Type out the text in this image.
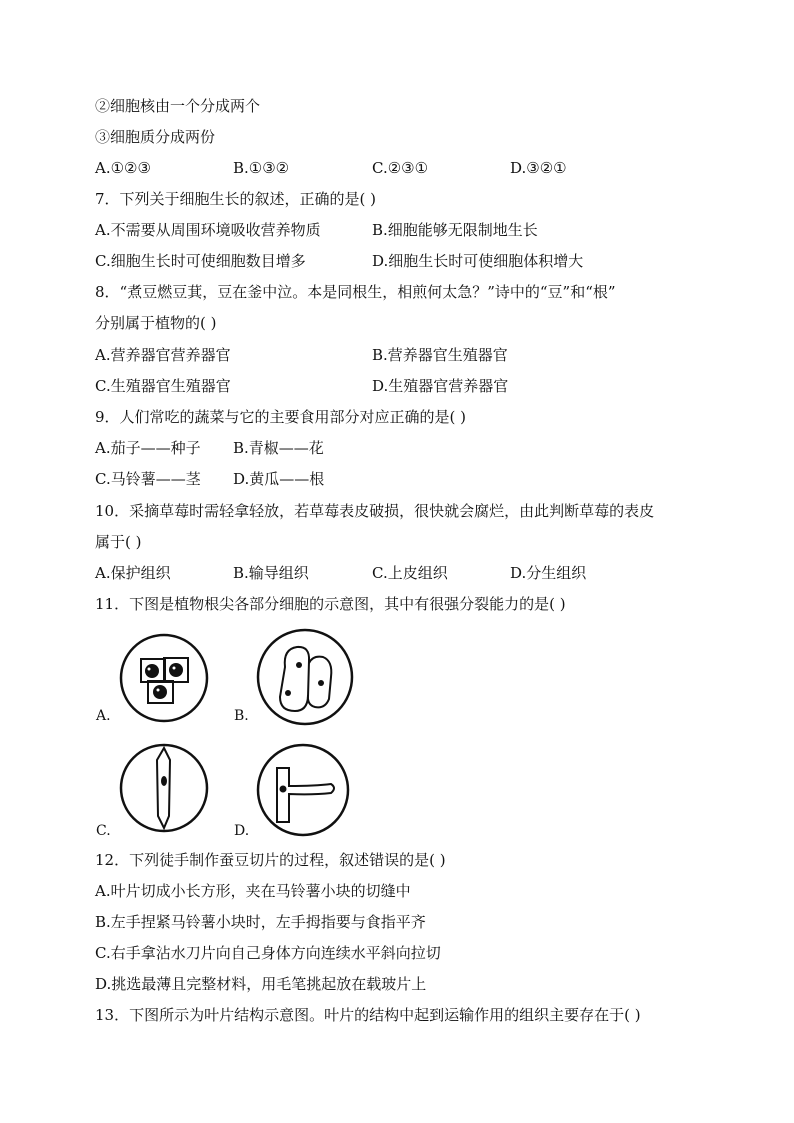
②细胞核由一个分成两个
③细胞质分成两份
A.①②③	B.①③②	C.②③①	D.③②①
7．下列关于细胞生长的叙述，正确的是( )
A.不需要从周围环境吸收营养物质	B.细胞能够无限制地生长
C.细胞生长时可使细胞数目增多	D.细胞生长时可使细胞体积增大
8．“煮豆燃豆萁，豆在釜中泣。本是同根生，相煎何太急？”诗中的“豆”和“根”
分别属于植物的( )
A.营养器官营养器官	B.营养器官生殖器官
C.生殖器官生殖器官	D.生殖器官营养器官
9．人们常吃的蔬菜与它的主要食用部分对应正确的是( )
A.茄子——种子 B.青椒——花
C.马铃薯——茎 D.黄瓜——根
10．采摘草莓时需轻拿轻放，若草莓表皮破损，很快就会腐烂，由此判断草莓的表皮
属于( )
A.保护组织	B.输导组织	C.上皮组织	D.分生组织
11．下图是植物根尖各部分细胞的示意图，其中有很强分裂能力的是( )
A.	B.
C.	D.
12．下列徒手制作蚕豆切片的过程，叙述错误的是( )
A.叶片切成小长方形，夹在马铃薯小块的切缝中
B.左手捏紧马铃薯小块时，左手拇指要与食指平齐
C.右手拿沾水刀片向自己身体方向连续水平斜向拉切
D.挑选最薄且完整材料，用毛笔挑起放在载玻片上
13．下图所示为叶片结构示意图。叶片的结构中起到运输作用的组织主要存在于( )
